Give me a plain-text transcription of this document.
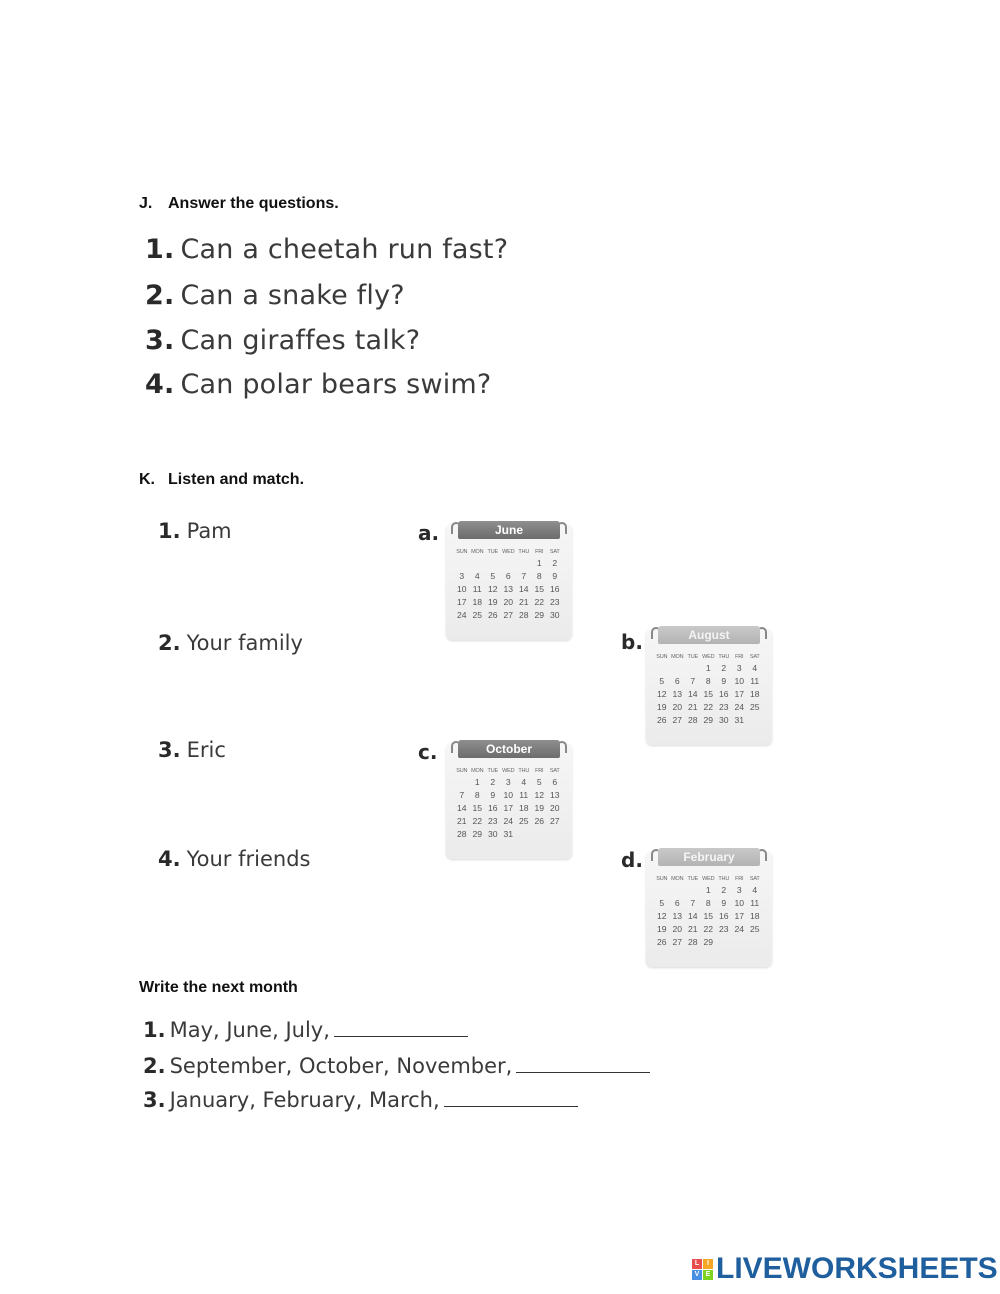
J. Answer the questions.
1. Can a cheetah run fast?
2. Can a snake fly?
3. Can giraffes talk?
4. Can polar bears swim?
K. Listen and match.
1. Pam
2. Your family
3. Eric
4. Your friends
a.
b.
c.
d.
June
SUN	MON	TUE	WED	THU	FRI	SAT
					1	2
3	4	5	6	7	8	9
10	11	12	13	14	15	16
17	18	19	20	21	22	23
24	25	26	27	28	29	30
August
SUN	MON	TUE	WED	THU	FRI	SAT
			1	2	3	4
5	6	7	8	9	10	11
12	13	14	15	16	17	18
19	20	21	22	23	24	25
26	27	28	29	30	31	
October
SUN	MON	TUE	WED	THU	FRI	SAT
	1	2	3	4	5	6
7	8	9	10	11	12	13
14	15	16	17	18	19	20
21	22	23	24	25	26	27
28	29	30	31			
February
SUN	MON	TUE	WED	THU	FRI	SAT
			1	2	3	4
5	6	7	8	9	10	11
12	13	14	15	16	17	18
19	20	21	22	23	24	25
26	27	28	29			
Write the next month
1. May, June, July,
2. September, October, November,
3. January, February, March,
L	I
V E LIVEWORKSHEETS
